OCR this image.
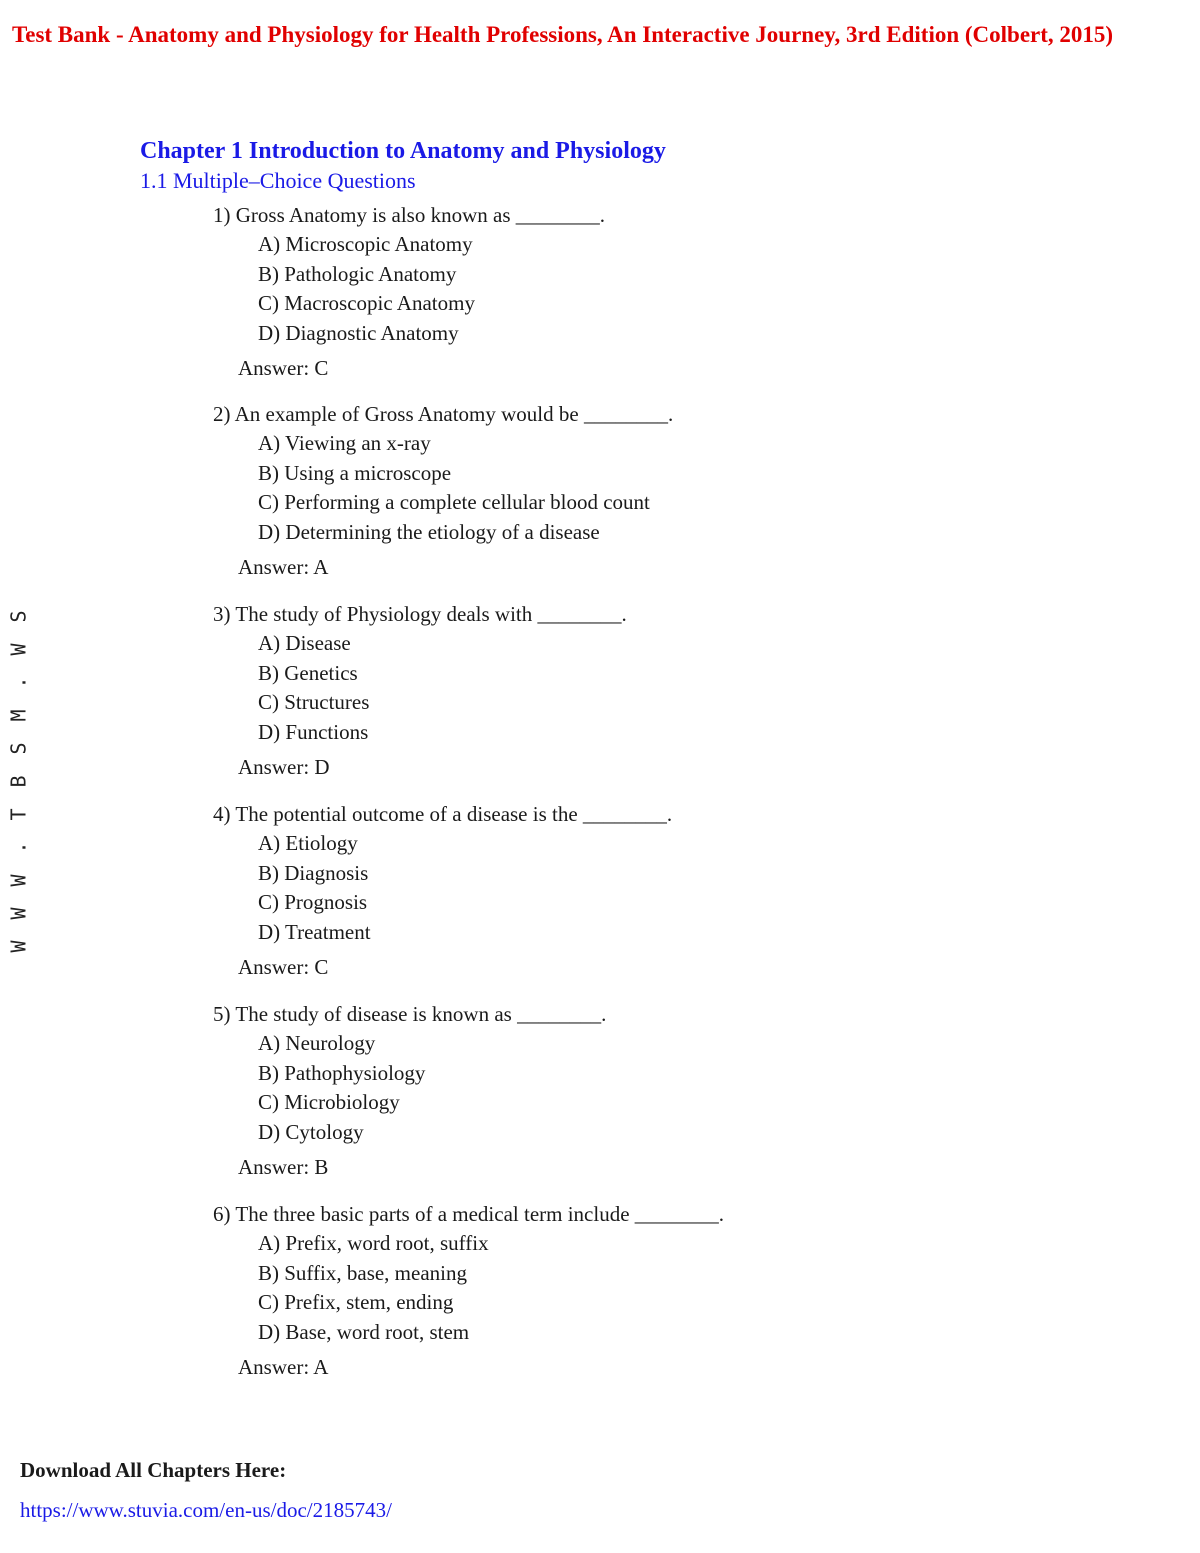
Test Bank - Anatomy and Physiology for Health Professions, An Interactive Journey, 3rd Edition (Colbert, 2015)
Chapter 1 Introduction to Anatomy and Physiology
1.1 Multiple–Choice Questions
1) Gross Anatomy is also known as ________.
A) Microscopic Anatomy
B) Pathologic Anatomy
C) Macroscopic Anatomy
D) Diagnostic Anatomy
Answer: C
2) An example of Gross Anatomy would be ________.
A) Viewing an x-ray
B) Using a microscope
C) Performing a complete cellular blood count
D) Determining the etiology of a disease
Answer: A
3) The study of Physiology deals with ________.
A) Disease
B) Genetics
C) Structures
D) Functions
Answer: D
4) The potential outcome of a disease is the ________.
A) Etiology
B) Diagnosis
C) Prognosis
D) Treatment
Answer: C
5) The study of disease is known as ________.
A) Neurology
B) Pathophysiology
C) Microbiology
D) Cytology
Answer: B
6) The three basic parts of a medical term include ________.
A) Prefix, word root, suffix
B) Suffix, base, meaning
C) Prefix, stem, ending
D) Base, word root, stem
Answer: A
S
W
.
M
S
B
T
.
W
W
W
Download All Chapters Here:
https://www.stuvia.com/en-us/doc/2185743/
